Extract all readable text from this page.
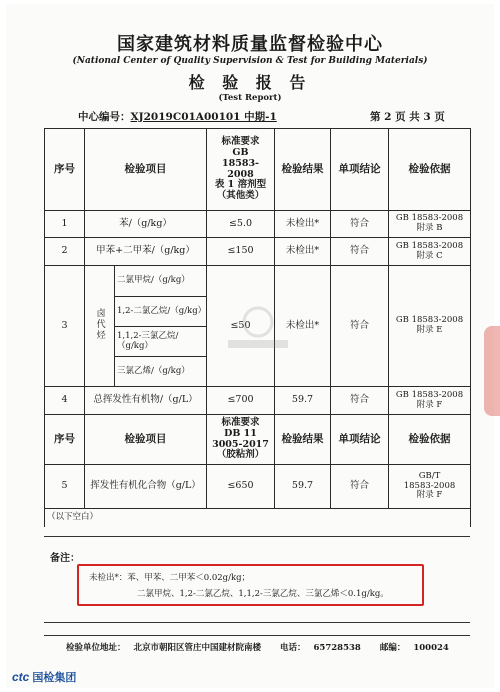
国家建筑材料质量监督检验中心
(National Center of Quality Supervision & Test for Building Materials)
检 验 报 告
(Test Report)
中心编号：XJ2019C01A00101 中期-1	第 2 页 共 3 页
序号	检验项目		标准要求
GB
18583-2008
表 1 溶剂型
（其他类）	检验结果	单项结论	检验依据
1	苯/（g/kg）		≤5.0	未检出*	符合	GB 18583-2008
附录 B

2	甲苯+二甲苯/（g/kg）		≤150	未检出*	符合	GB 18583-2008
附录 C

3	卤代烃	二氯甲烷/（g/kg）	≤50	未检出*	符合	GB 18583-2008
附录 E

		1,2-二氯乙烷/（g/kg）				
		1,1,2-三氯乙烷/（g/kg）				
		三氯乙烯/（g/kg）				
4	总挥发性有机物/（g/L）		≤700	59.7	符合	GB 18583-2008
附录 F

序号	检验项目		标准要求
DB 11
3005-2017
（胶粘剂）	检验结果	单项结论	检验依据
5	挥发性有机化合物（g/L）		≤650	59.7	符合	GB/T
18583-2008
附录 F

（以下空白）						
备注：
未检出*：苯、甲苯、二甲苯＜0.02g/kg；
二氯甲烷、1,2-二氯乙烷、1,1,2-三氯乙烷、三氯乙烯＜0.1g/kg。
检验单位地址： 北京市朝阳区管庄中国建材院南楼 电话： 65728538 邮编： 100024
ctc 国检集团
